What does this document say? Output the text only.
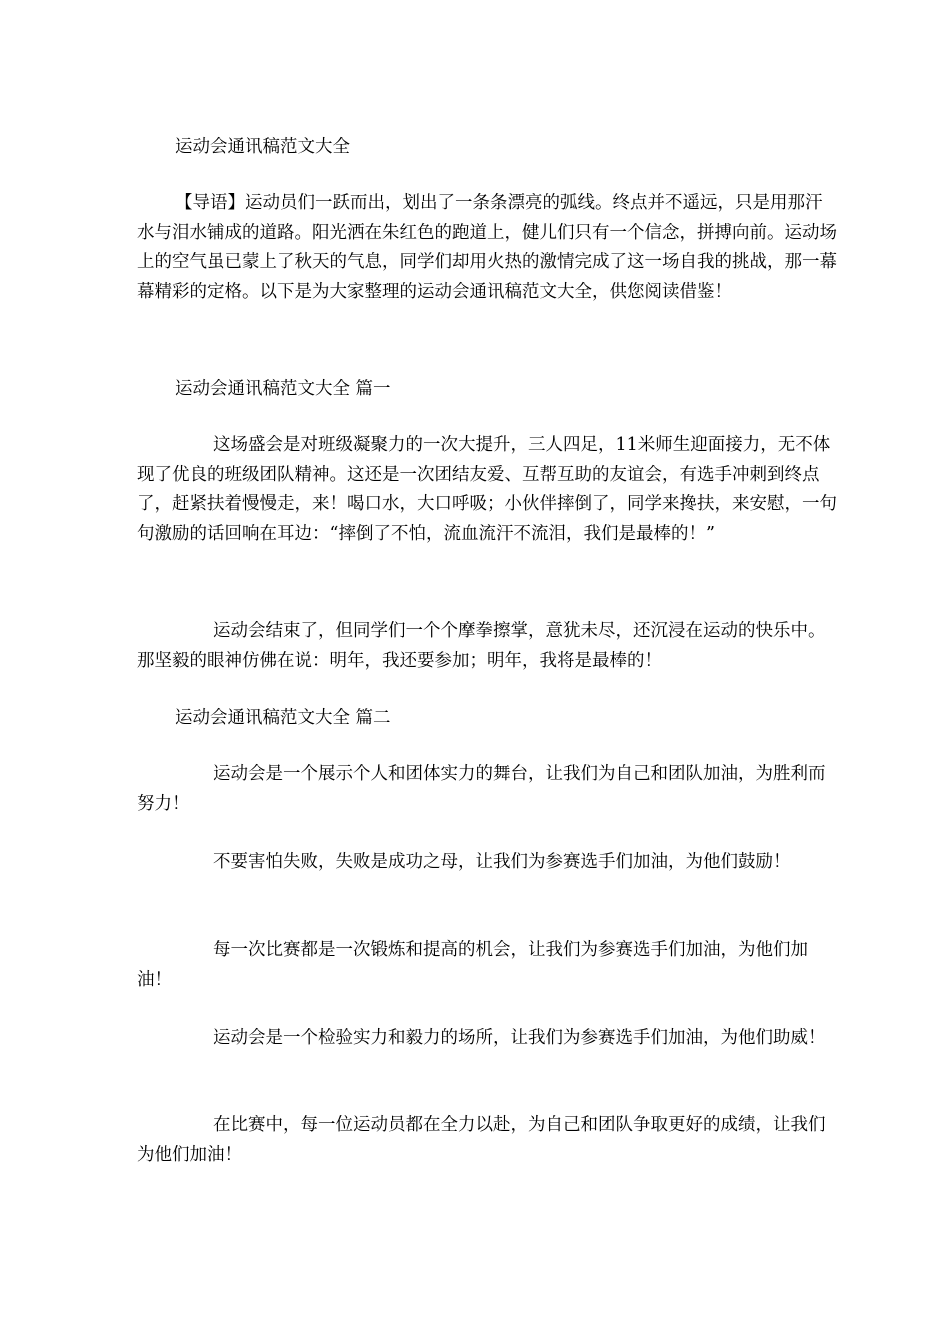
运动会通讯稿范文大全

【导语】运动员们一跃而出，划出了一条条漂亮的弧线。终点并不遥远，只是用那汗水与泪水铺成的道路。阳光洒在朱红色的跑道上，健儿们只有一个信念，拼搏向前。运动场上的空气虽已蒙上了秋天的气息，同学们却用火热的激情完成了这一场自我的挑战，那一幕幕精彩的定格。以下是为大家整理的运动会通讯稿范文大全，供您阅读借鉴！

运动会通讯稿范文大全 篇一

这场盛会是对班级凝聚力的一次大提升，三人四足，11米师生迎面接力，无不体现了优良的班级团队精神。这还是一次团结友爱、互帮互助的友谊会，有选手冲刺到终点了，赶紧扶着慢慢走，来！喝口水，大口呼吸；小伙伴摔倒了，同学来搀扶，来安慰，一句句激励的话回响在耳边：“摔倒了不怕，流血流汗不流泪，我们是最棒的！”

运动会结束了，但同学们一个个摩拳擦掌，意犹未尽，还沉浸在运动的快乐中。那坚毅的眼神仿佛在说：明年，我还要参加；明年，我将是最棒的！

运动会通讯稿范文大全 篇二

运动会是一个展示个人和团体实力的舞台，让我们为自己和团队加油，为胜利而努力！

不要害怕失败，失败是成功之母，让我们为参赛选手们加油，为他们鼓励！

每一次比赛都是一次锻炼和提高的机会，让我们为参赛选手们加油，为他们加油！

运动会是一个检验实力和毅力的场所，让我们为参赛选手们加油，为他们助威！

在比赛中，每一位运动员都在全力以赴，为自己和团队争取更好的成绩，让我们为他们加油！
